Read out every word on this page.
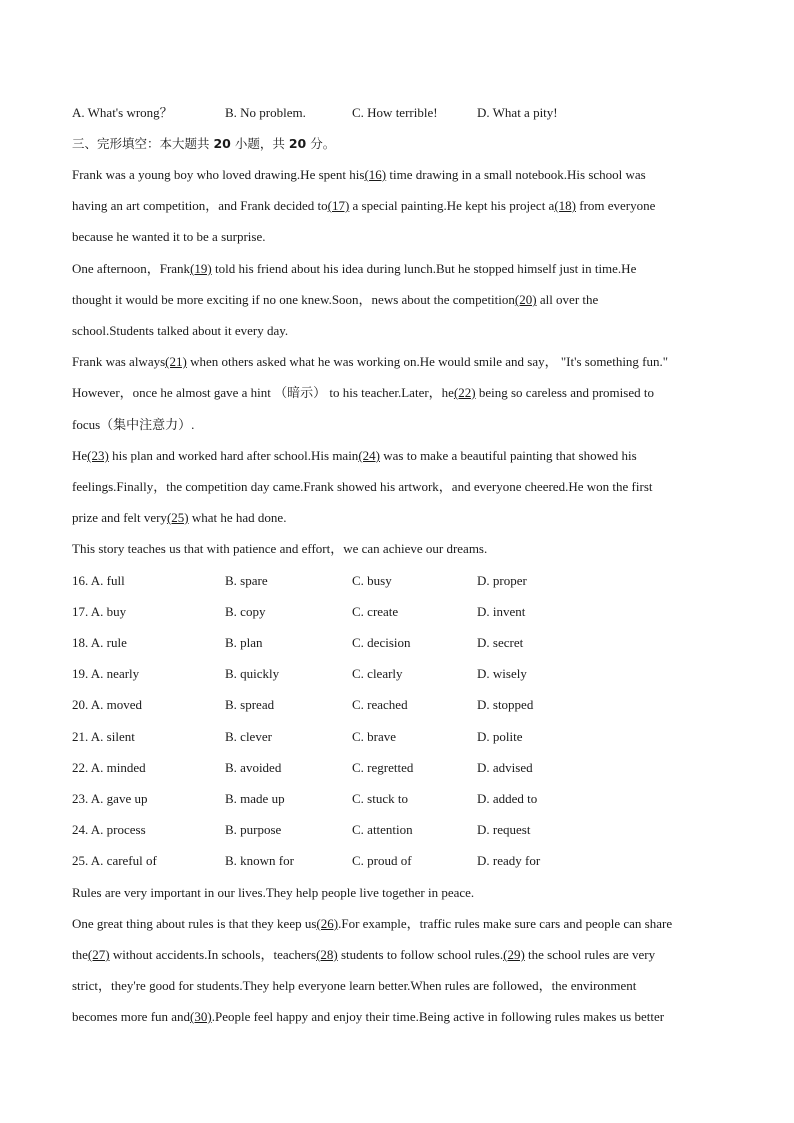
A. What's wrong？	B. No problem.	C. How terrible!	D. What a pity!
三、完形填空：本大题共 20 小题，共 20 分。
Frank was a young boy who loved drawing.He spent his(16) time drawing in a small notebook.His school was
having an art competition，and Frank decided to(17) a special painting.He kept his project a(18) from everyone
because he wanted it to be a surprise.
One afternoon，Frank(19) told his friend about his idea during lunch.But he stopped himself just in time.He
thought it would be more exciting if no one knew.Soon，news about the competition(20) all over the
school.Students talked about it every day.
Frank was always(21) when others asked what he was working on.He would smile and say， "It's something fun."
However，once he almost gave a hint （暗示） to his teacher.Later，he(22) being so careless and promised to
focus（集中注意力）.
He(23) his plan and worked hard after school.His main(24) was to make a beautiful painting that showed his
feelings.Finally，the competition day came.Frank showed his artwork，and everyone cheered.He won the first
prize and felt very(25) what he had done.
This story teaches us that with patience and effort，we can achieve our dreams.
16. A. full	B. spare	C. busy	D. proper
17. A. buy	B. copy	C. create	D. invent
18. A. rule	B. plan	C. decision	D. secret
19. A. nearly	B. quickly	C. clearly	D. wisely
20. A. moved	B. spread	C. reached	D. stopped
21. A. silent	B. clever	C. brave	D. polite
22. A. minded	B. avoided	C. regretted	D. advised
23. A. gave up	B. made up	C. stuck to	D. added to
24. A. process	B. purpose	C. attention	D. request
25. A. careful of	B. known for	C. proud of	D. ready for
Rules are very important in our lives.They help people live together in peace.
One great thing about rules is that they keep us(26).For example，traffic rules make sure cars and people can share
the(27) without accidents.In schools，teachers(28) students to follow school rules.(29) the school rules are very
strict，they're good for students.They help everyone learn better.When rules are followed，the environment
becomes more fun and(30).People feel happy and enjoy their time.Being active in following rules makes us better
